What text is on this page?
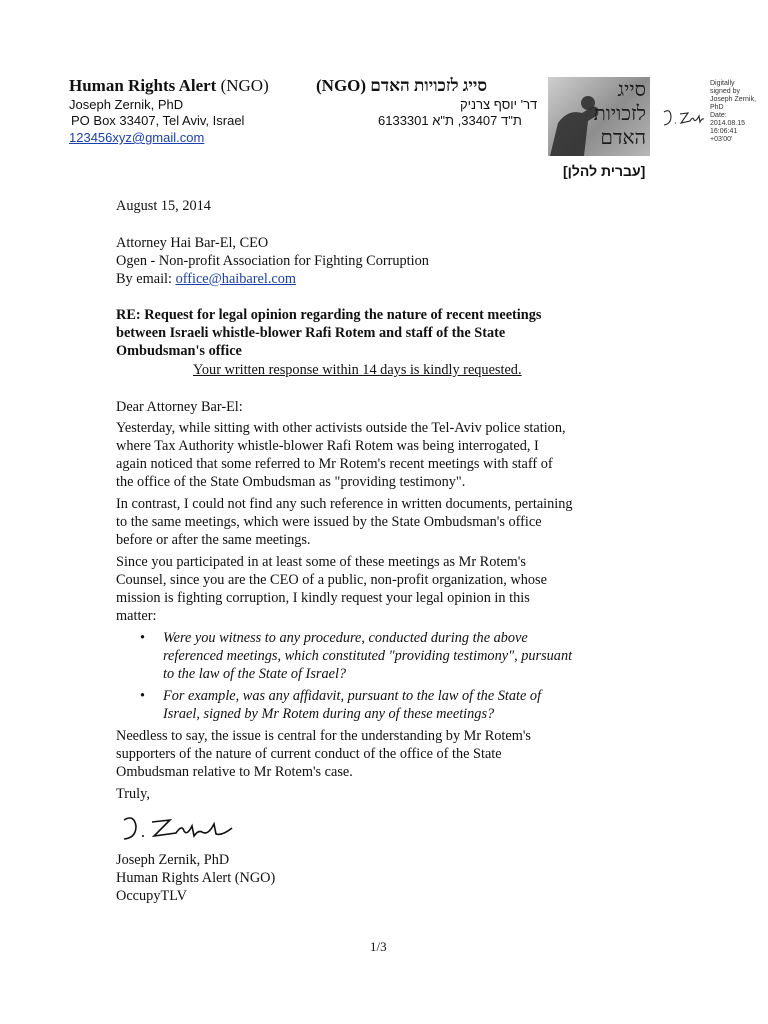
Human Rights Alert (NGO)	(NGO) סייג לזכויות האדם
Joseph Zernik, PhD
PO Box 33407, Tel Aviv, Israel
123456xyz@gmail.com
דר' יוסף צרניק
ת"ד 33407, ת"א 6133301
[עברית להלן]
סייג
לזכויות
האדם
Digitally
signed by
Joseph Zernik,
PhD
Date:
2014.08.15
16:06:41
+03'00'
August 15, 2014
Attorney Hai Bar-El, CEO
Ogen - Non-profit Association for Fighting Corruption
By email: office@haibarel.com
RE: Request for legal opinion regarding the nature of recent meetings
between Israeli whistle-blower Rafi Rotem and staff of the State
Ombudsman's office
Your written response within 14 days is kindly requested.
Dear Attorney Bar-El:
Yesterday, while sitting with other activists outside the Tel-Aviv police station,
where Tax Authority whistle-blower Rafi Rotem was being interrogated, I
again noticed that some referred to Mr Rotem's recent meetings with staff of
the office of the State Ombudsman as "providing testimony".
In contrast, I could not find any such reference in written documents, pertaining
to the same meetings, which were issued by the State Ombudsman's office
before or after the same meetings.
Since you participated in at least some of these meetings as Mr Rotem's
Counsel, since you are the CEO of a public, non-profit organization, whose
mission is fighting corruption, I kindly request your legal opinion in this
matter:
• Were you witness to any procedure, conducted during the above
referenced meetings, which constituted "providing testimony", pursuant
to the law of the State of Israel?
• For example, was any affidavit, pursuant to the law of the State of
Israel, signed by Mr Rotem during any of these meetings?
Needless to say, the issue is central for the understanding by Mr Rotem's
supporters of the nature of current conduct of the office of the State
Ombudsman relative to Mr Rotem's case.
Truly,
Joseph Zernik, PhD
Human Rights Alert (NGO)
OccupyTLV
1/3
